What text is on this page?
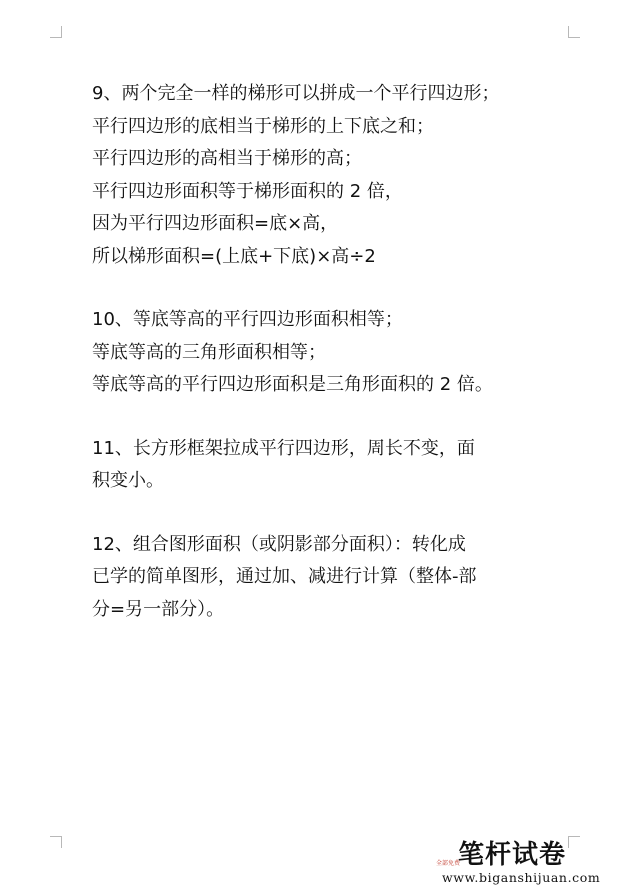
9、两个完全一样的梯形可以拼成一个平行四边形；
平行四边形的底相当于梯形的上下底之和；
平行四边形的高相当于梯形的高；
平行四边形面积等于梯形面积的 2 倍，
因为平行四边形面积=底×高，
所以梯形面积=(上底+下底)×高÷2
10、等底等高的平行四边形面积相等；
等底等高的三角形面积相等；
等底等高的平行四边形面积是三角形面积的 2 倍。
11、长方形框架拉成平行四边形，周长不变，面
积变小。
12、组合图形面积（或阴影部分面积）：转化成
已学的简单图形，通过加、减进行计算（整体-部
分=另一部分）。
笔杆试卷
全部免费
www.biganshijuan.com
